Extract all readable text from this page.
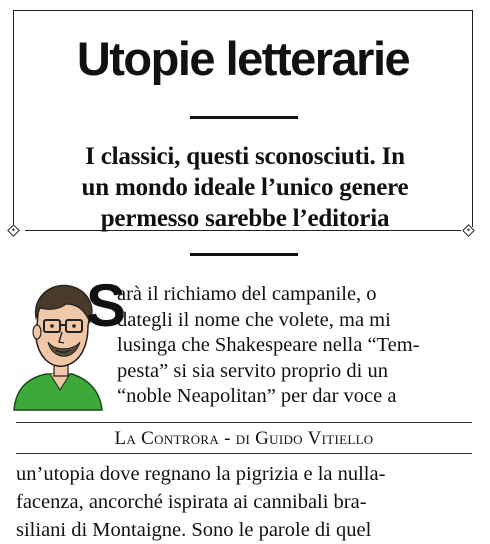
Utopie letterarie
I classici, questi sconosciuti. In
un mondo ideale l’unico genere
permesso sarebbe l’editoria
S
arà il richiamo del campanile, o
dategli il nome che volete, ma mi
lusinga che Shakespeare nella “Tem-
pesta” si sia servito proprio di un
“noble Neapolitan” per dar voce a
La Controra - di Guido Vitiello
un’utopia dove regnano la pigrizia e la nulla-
facenza, ancorché ispirata ai cannibali bra-
siliani di Montaigne. Sono le parole di quel
